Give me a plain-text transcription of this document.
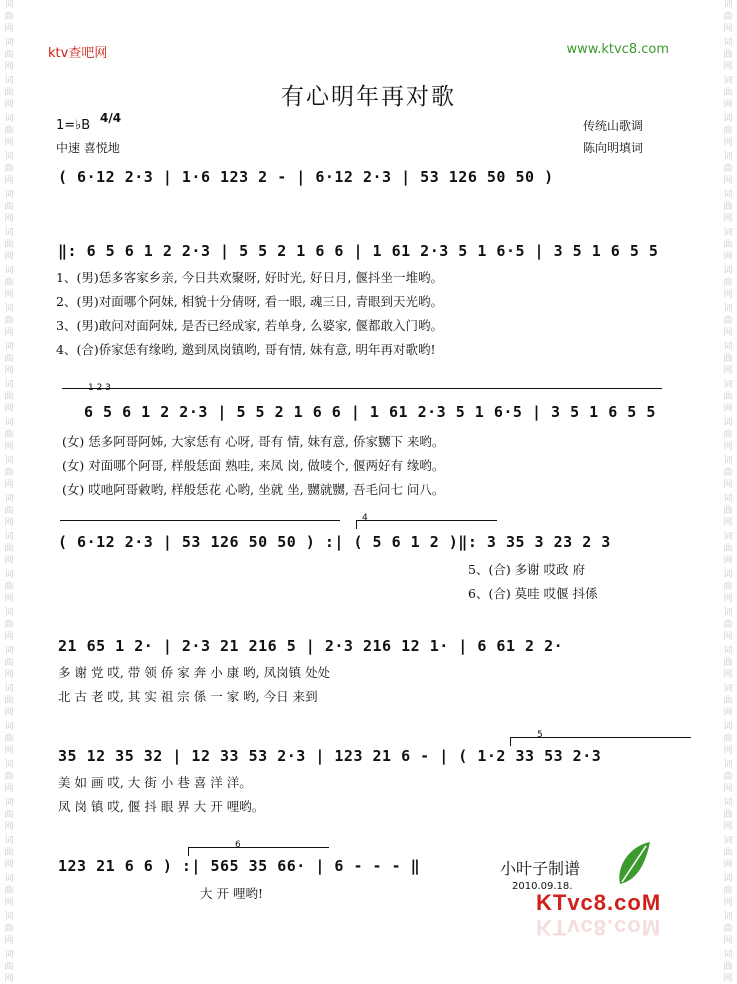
词
曲
网
词
曲
网
词
曲
网
词
曲
网
词
曲
网
词
曲
网
词
曲
网
词
曲
网
词
曲
网
词
曲
网
词
曲
网
词
曲
网
词
曲
网
词
曲
网
词
曲
网
词
曲
网
词
曲
网
词
曲
网
词
曲
网
词
曲
网
词
曲
网
词
曲
网
词
曲
网
词
曲
网
词
曲
网
词
曲
网
词
曲
网
词
曲
网
词
曲
网
词
曲
网
词
曲
网
词
曲
网
词
曲
网
词
曲
网
词
曲
网
词
曲
网
词
曲
网
词
曲
网
词
曲
网
词
曲
网
词
曲
网
词
曲
网
词
曲
网
词
曲
网
词
曲
网
词
曲
网
词
曲
网
词
曲
网
词
曲
网
词
曲
网
词
曲
网
词
曲
网
ktv查吧网	www.ktvc8.com
有心明年再对歌
1=♭B 4/4
中速 喜悦地
传统山歌调
陈向明填词
( 6·12 2·3 | 1·6 123 2 - | 6·12 2·3 | 53 126 50 50 )
‖: 6 5 6 1 2 2·3 | 5 5 2 1 6 6 | 1 61 2·3 5 1 6·5 | 3 5 1 6 5 5
1、(男)恁多客家乡亲, 今日共欢聚呀, 好时光, 好日月, 偃抖坐一堆哟。
2、(男)对面哪个阿妹, 相貌十分倩呀, 看一眼, 魂三日, 青眼到天光哟。
3、(男)敢问对面阿妹, 是否已经成家, 若单身, 么婆家, 偃都敢入门哟。
4、(合)侨家恁有缘哟, 邀到凤岗镇哟, 哥有情, 妹有意, 明年再对歌哟!
1 2 3
6 5 6 1 2 2·3 | 5 5 2 1 6 6 | 1 61 2·3 5 1 6·5 | 3 5 1 6 5 5
(女) 恁多阿哥阿姊, 大家恁有 心呀, 哥有 情, 妹有意, 侨家嬲下 来哟。
(女) 对面哪个阿哥, 样般恁面 熟哇, 来凤 岗, 做唛个, 偃两好有 缘哟。
(女) 哎吔阿哥敹哟, 样般恁花 心哟, 坐就 坐, 嬲就嬲, 吾毛问七 问八。
4
( 6·12 2·3 | 53 126 50 50 ) :| ( 5 6 1 2 )‖: 3 35 3 23 2 3
5、(合) 多谢 哎政 府
6、(合) 莫哇 哎偃 抖係
21 65 1 2· | 2·3 21 216 5 | 2·3 216 12 1· | 6 61 2 2·
多 谢 党 哎, 带 领 侨 家 奔 小 康 哟, 凤岗镇 处处
北 古 老 哎, 其 实 祖 宗 係 一 家 哟, 今日 来到
5
35 12 35 32 | 12 33 53 2·3 | 123 21 6 - | ( 1·2 33 53 2·3
美 如 画 哎, 大 街 小 巷 喜 洋 洋。
凤 岗 镇 哎, 偃 抖 眼 界 大 开 哩哟。
6
123 21 6 6 ) :| 565 35 66· | 6 - - - ‖
大 开 哩哟!
小叶子制谱
2010.09.18.
KTvc8.coM
KTvc8.coM
